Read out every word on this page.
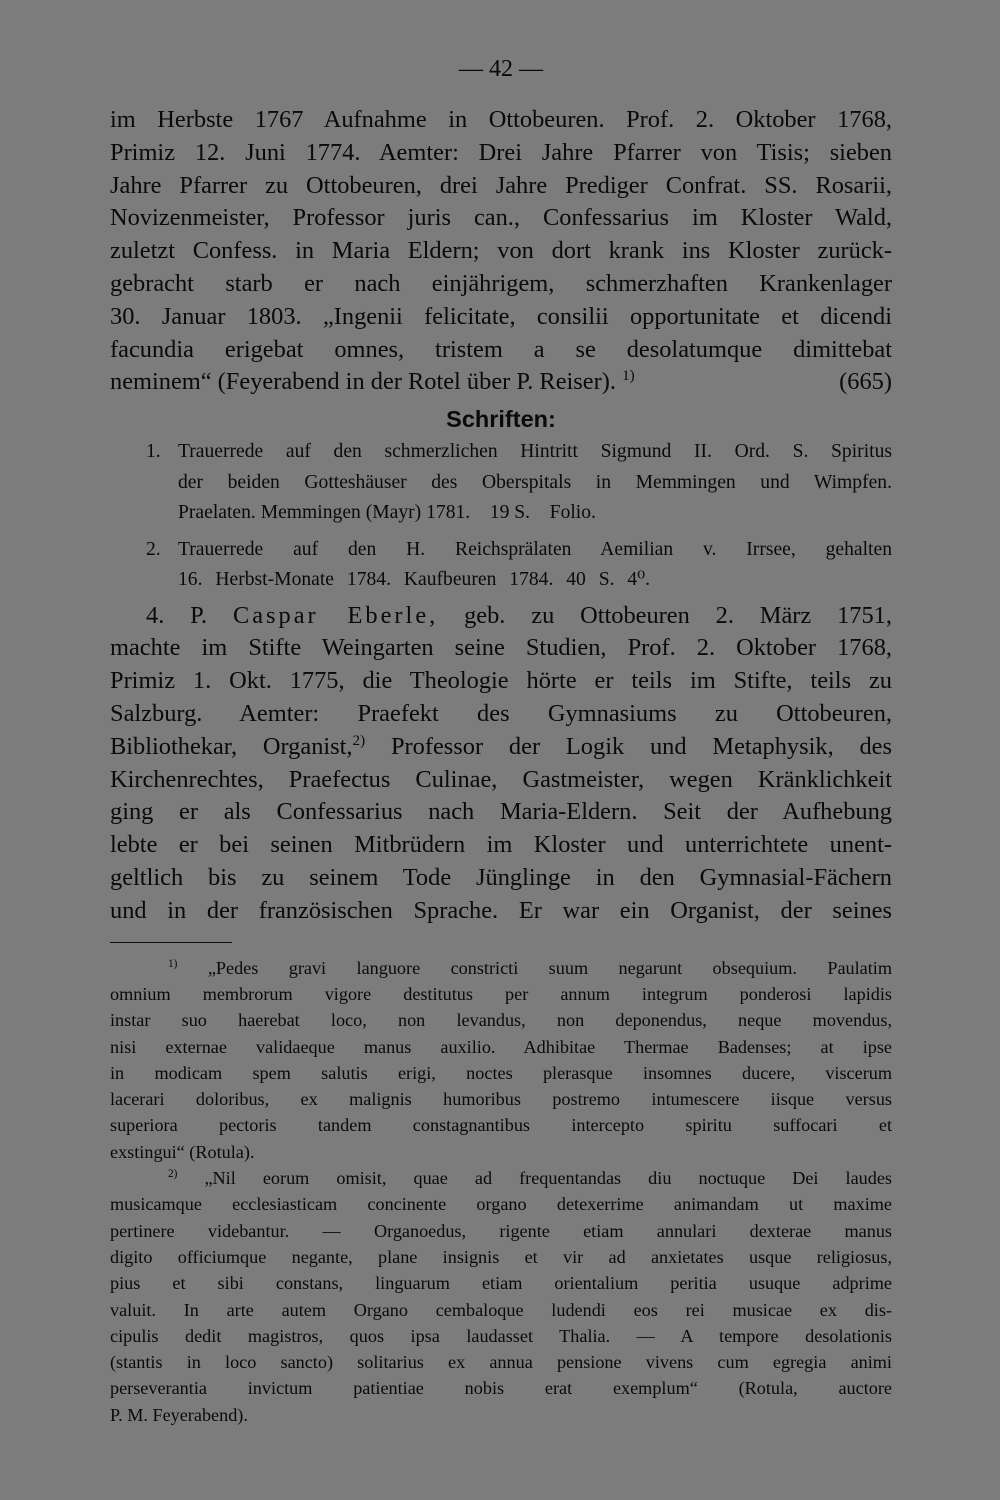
— 42 —

im Herbste 1767 Aufnahme in Ottobeuren. Prof. 2. Oktober 1768,

Primiz 12. Juni 1774. Aemter: Drei Jahre Pfarrer von Tisis; sieben

Jahre Pfarrer zu Ottobeuren, drei Jahre Prediger Confrat. SS. Rosarii,

Novizenmeister, Professor juris can., Confessarius im Kloster Wald,

zuletzt Confess. in Maria Eldern; von dort krank ins Kloster zurück-

gebracht starb er nach einjährigem, schmerzhaften Krankenlager

30. Januar 1803. „Ingenii felicitate, consilii opportunitate et dicendi

facundia erigebat omnes, tristem a se desolatumque dimittebat

neminem“ (Feyerabend in der Rotel über P. Reiser). $^{1)}$	(665)
Schriften:
1. Trauerrede auf den schmerzlichen Hintritt Sigmund II. Ord. S. Spiritus
der beiden Gotteshäuser des Oberspitals in Memmingen und Wimpfen.
Praelaten. Memmingen (Mayr) 1781.    19 S.    Folio.
2. Trauerrede auf den H. Reichsprälaten Aemilian v. Irrsee, gehalten
16. Herbst-Monate 1784. Kaufbeuren 1784. 40 S. 4⁰.

4. P. Caspar Eberle, geb. zu Ottobeuren 2. März 1751,

machte im Stifte Weingarten seine Studien, Prof. 2. Oktober 1768,

Primiz 1. Okt. 1775, die Theologie hörte er teils im Stifte, teils zu

Salzburg. Aemter: Praefekt des Gymnasiums zu Ottobeuren,

Bibliothekar, Organist,$^{2)}$ Professor der Logik und Metaphysik, des

Kirchenrechtes, Praefectus Culinae, Gastmeister, wegen Kränklichkeit

ging er als Confessarius nach Maria-Eldern. Seit der Aufhebung

lebte er bei seinen Mitbrüdern im Kloster und unterrichtete unent-

geltlich bis zu seinem Tode Jünglinge in den Gymnasial-Fächern

und in der französischen Sprache. Er war ein Organist, der seines

$^{1)}$ „Pedes gravi languore constricti suum negarunt obsequium. Paulatim

omnium membrorum vigore destitutus per annum integrum ponderosi lapidis

instar suo haerebat loco, non levandus, non deponendus, neque movendus,

nisi externae validaeque manus auxilio. Adhibitae Thermae Badenses; at ipse

in modicam spem salutis erigi, noctes plerasque insomnes ducere, viscerum

lacerari doloribus, ex malignis humoribus postremo intumescere iisque versus

superiora pectoris tandem constagnantibus intercepto spiritu suffocari et

exstingui“ (Rotula).

$^{2)}$ „Nil eorum omisit, quae ad frequentandas diu noctuque Dei laudes

musicamque ecclesiasticam concinente organo detexerrime animandam ut maxime

pertinere videbantur. — Organoedus, rigente etiam annulari dexterae manus

digito officiumque negante, plane insignis et vir ad anxietates usque religiosus,

pius et sibi constans, linguarum etiam orientalium peritia usuque adprime

valuit. In arte autem Organo cembaloque ludendi eos rei musicae ex dis-

cipulis dedit magistros, quos ipsa laudasset Thalia. — A tempore desolationis

(stantis in loco sancto) solitarius ex annua pensione vivens cum egregia animi

perseverantia invictum patientiae nobis erat exemplum“ (Rotula, auctore

P. M. Feyerabend).
